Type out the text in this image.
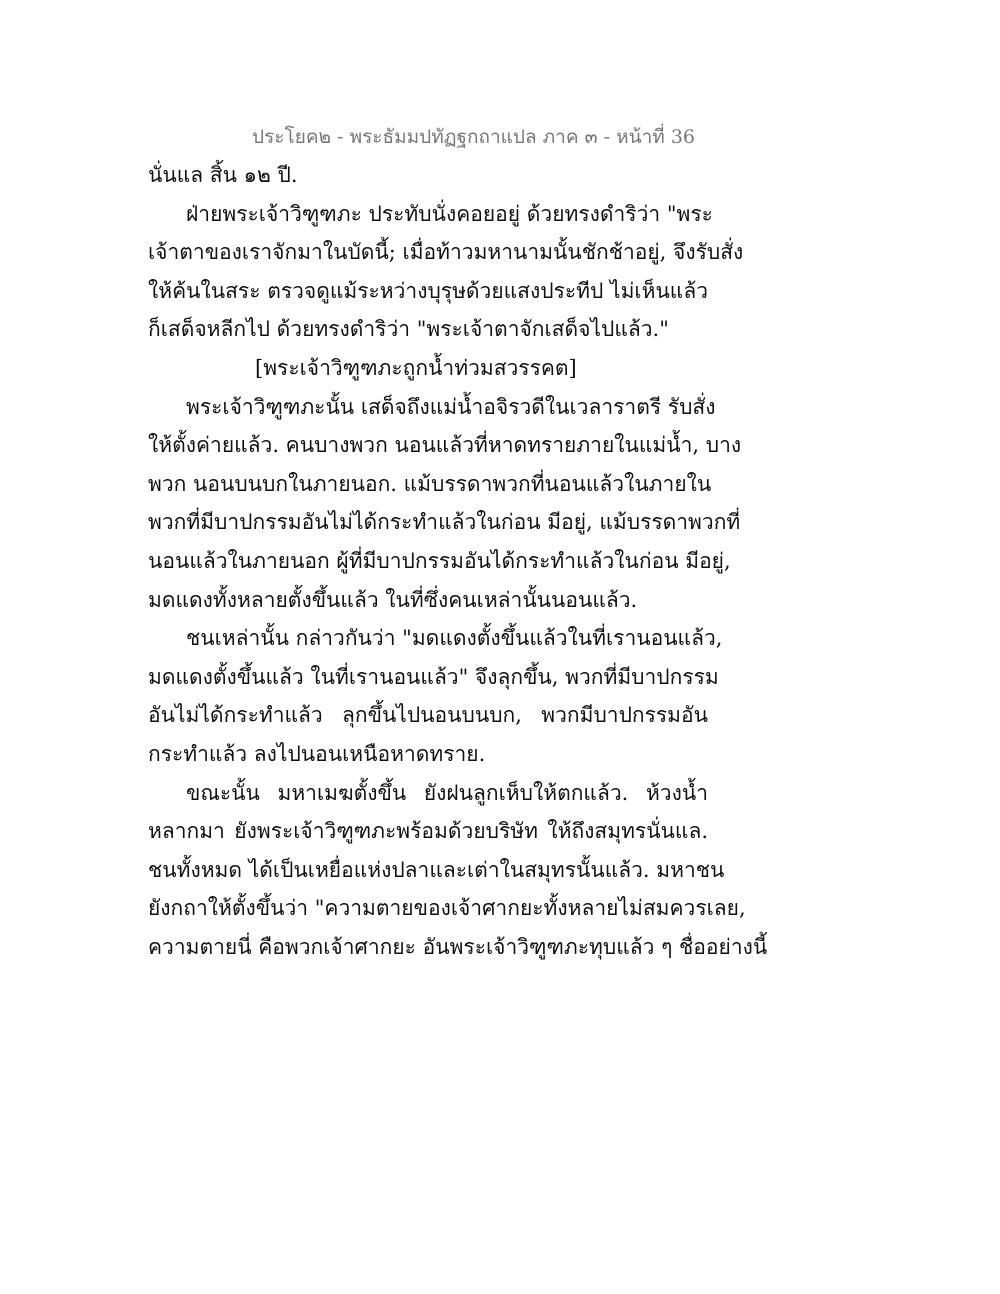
ประโยค๒ - พระธัมมปทัฏฐกถาแปล ภาค ๓ - หน้าที่ 36
นั่นแล สิ้น ๑๒ ปี.
ฝ่ายพระเจ้าวิฑูฑภะ ประทับนั่งคอยอยู่ ด้วยทรงดำริว่า "พระ
เจ้าตาของเราจักมาในบัดนี้; เมื่อท้าวมหานามนั้นชักช้าอยู่, จึงรับสั่ง
ให้ค้นในสระ ตรวจดูแม้ระหว่างบุรุษด้วยแสงประทีป ไม่เห็นแล้ว
ก็เสด็จหลีกไป ด้วยทรงดำริว่า "พระเจ้าตาจักเสด็จไปแล้ว."
[พระเจ้าวิฑูฑภะถูกน้ำท่วมสวรรคต]
พระเจ้าวิฑูฑภะนั้น เสด็จถึงแม่น้ำอจิรวดีในเวลาราตรี รับสั่ง
ให้ตั้งค่ายแล้ว. คนบางพวก นอนแล้วที่หาดทรายภายในแม่น้ำ, บาง
พวก นอนบนบกในภายนอก. แม้บรรดาพวกที่นอนแล้วในภายใน
พวกที่มีบาปกรรมอันไม่ได้กระทำแล้วในก่อน มีอยู่, แม้บรรดาพวกที่
นอนแล้วในภายนอก ผู้ที่มีบาปกรรมอันได้กระทำแล้วในก่อน มีอยู่,
มดแดงทั้งหลายตั้งขึ้นแล้ว ในที่ซึ่งคนเหล่านั้นนอนแล้ว.
ชนเหล่านั้น กล่าวกันว่า "มดแดงตั้งขึ้นแล้วในที่เรานอนแล้ว,
มดแดงตั้งขึ้นแล้ว ในที่เรานอนแล้ว" จึงลุกขึ้น, พวกที่มีบาปกรรม
อันไม่ได้กระทำแล้ว ลุกขึ้นไปนอนบนบก, พวกมีบาปกรรมอัน
กระทำแล้ว ลงไปนอนเหนือหาดทราย.
ขณะนั้น มหาเมฆตั้งขึ้น ยังฝนลูกเห็บให้ตกแล้ว. ห้วงน้ำ
หลากมา ยังพระเจ้าวิฑูฑภะพร้อมด้วยบริษัท ให้ถึงสมุทรนั่นแล.
ชนทั้งหมด ได้เป็นเหยื่อแห่งปลาและเต่าในสมุทรนั้นแล้ว. มหาชน
ยังกถาให้ตั้งขึ้นว่า "ความตายของเจ้าศากยะทั้งหลายไม่สมควรเลย,
ความตายนี่ คือพวกเจ้าศากยะ อันพระเจ้าวิฑูฑภะทุบแล้ว ๆ ชื่ออย่างนี้
